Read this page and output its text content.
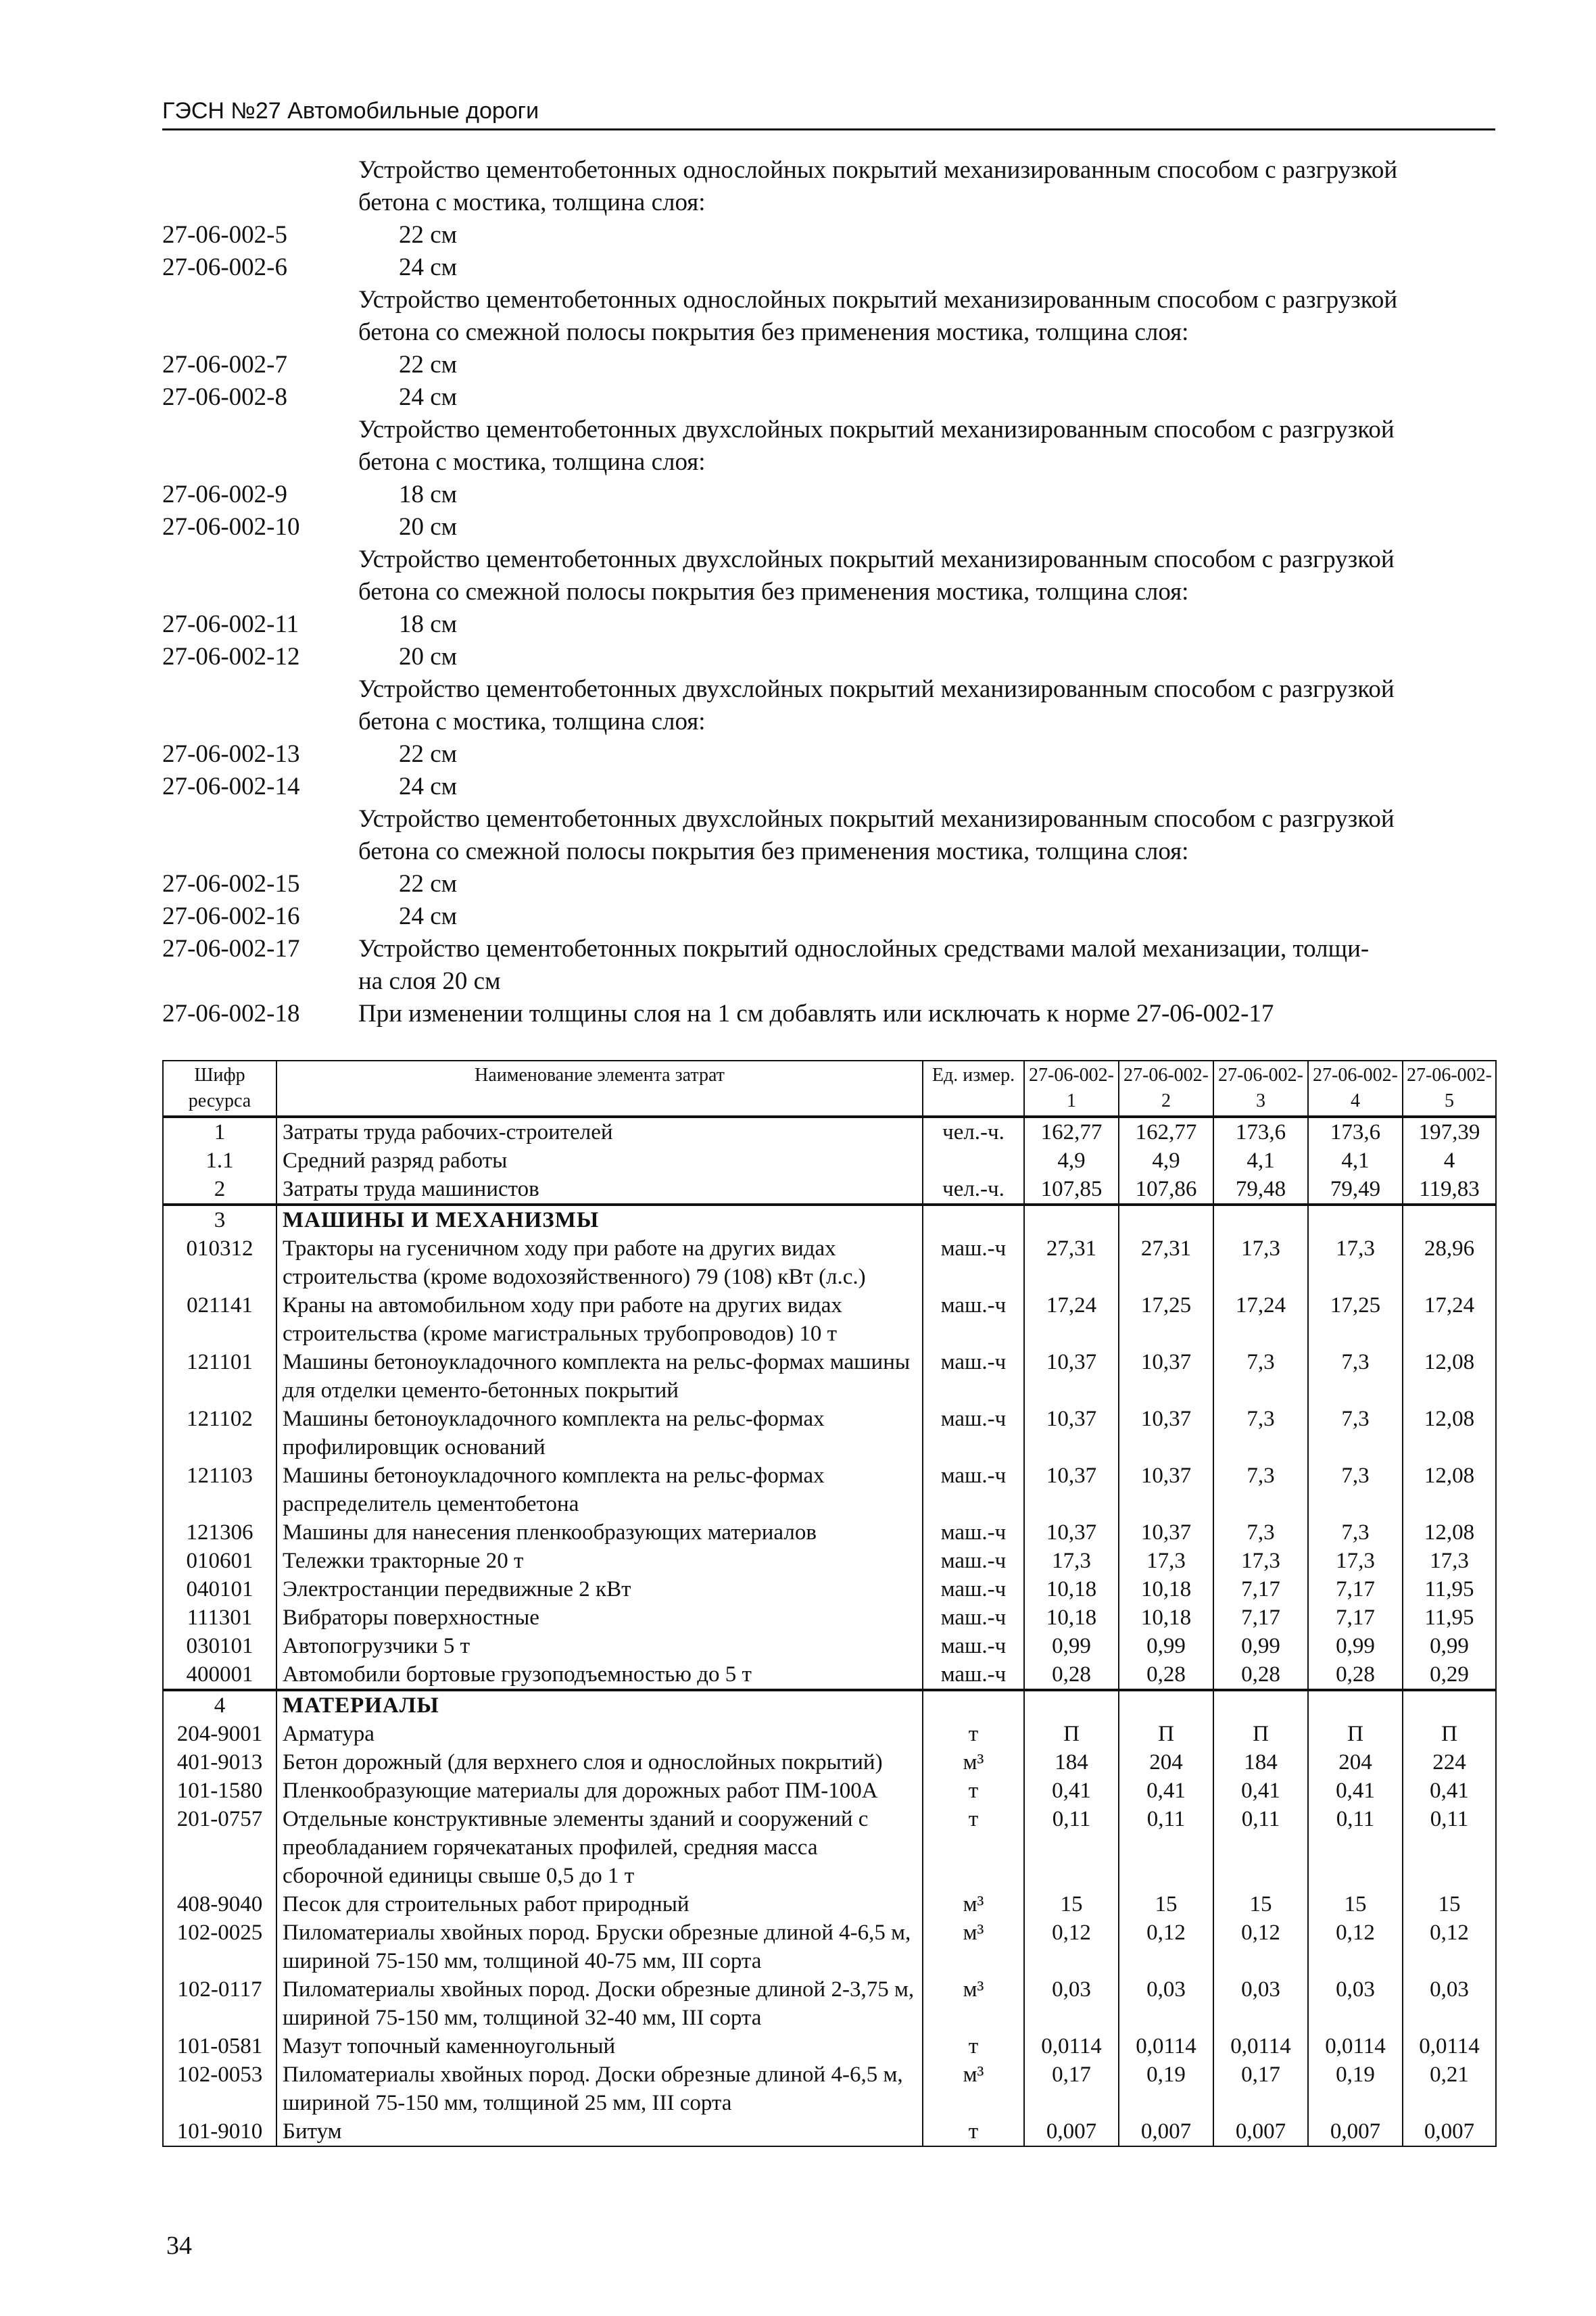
ГЭСН №27 Автомобильные дороги
Устройство цементобетонных однослойных покрытий механизированным способом с разгрузкой
бетона с мостика, толщина слоя:
27-06-002-5	22 см
27-06-002-6	24 см
Устройство цементобетонных однослойных покрытий механизированным способом с разгрузкой
бетона со смежной полосы покрытия без применения мостика, толщина слоя:
27-06-002-7	22 см
27-06-002-8	24 см
Устройство цементобетонных двухслойных покрытий механизированным способом с разгрузкой
бетона с мостика, толщина слоя:
27-06-002-9	18 см
27-06-002-10	20 см
Устройство цементобетонных двухслойных покрытий механизированным способом с разгрузкой
бетона со смежной полосы покрытия без применения мостика, толщина слоя:
27-06-002-11	18 см
27-06-002-12	20 см
Устройство цементобетонных двухслойных покрытий механизированным способом с разгрузкой
бетона с мостика, толщина слоя:
27-06-002-13	22 см
27-06-002-14	24 см
Устройство цементобетонных двухслойных покрытий механизированным способом с разгрузкой
бетона со смежной полосы покрытия без применения мостика, толщина слоя:
27-06-002-15	22 см
27-06-002-16	24 см
27-06-002-17 Устройство цементобетонных покрытий однослойных средствами малой механизации, толщи-
на слоя 20 см
27-06-002-18 При изменении толщины слоя на 1 см добавлять или исключать к норме 27-06-002-17
Шифр ресурса	Наименование элемента затрат	Ед. измер.	27-06-002-1	27-06-002-2	27-06-002-3	27-06-002-4	27-06-002-5
1	Затраты труда рабочих-строителей	чел.-ч.	162,77	162,77	173,6	173,6	197,39
1.1	Средний разряд работы		4,9	4,9	4,1	4,1	4
2	Затраты труда машинистов	чел.-ч.	107,85	107,86	79,48	79,49	119,83
3	МАШИНЫ И МЕХАНИЗМЫ						
010312	Тракторы на гусеничном ходу при работе на других видах строительства (кроме водохозяйственного) 79 (108) кВт (л.с.)	маш.-ч	27,31	27,31	17,3	17,3	28,96
021141	Краны на автомобильном ходу при работе на других видах строительства (кроме магистральных трубопроводов) 10 т	маш.-ч	17,24	17,25	17,24	17,25	17,24
121101	Машины бетоноукладочного комплекта на рельс-формах машины для отделки цементо-бетонных покрытий	маш.-ч	10,37	10,37	7,3	7,3	12,08
121102	Машины бетоноукладочного комплекта на рельс-формах профилировщик оснований	маш.-ч	10,37	10,37	7,3	7,3	12,08
121103	Машины бетоноукладочного комплекта на рельс-формах распределитель цементобетона	маш.-ч	10,37	10,37	7,3	7,3	12,08
121306	Машины для нанесения пленкообразующих материалов	маш.-ч	10,37	10,37	7,3	7,3	12,08
010601	Тележки тракторные 20 т	маш.-ч	17,3	17,3	17,3	17,3	17,3
040101	Электростанции передвижные 2 кВт	маш.-ч	10,18	10,18	7,17	7,17	11,95
111301	Вибраторы поверхностные	маш.-ч	10,18	10,18	7,17	7,17	11,95
030101	Автопогрузчики 5 т	маш.-ч	0,99	0,99	0,99	0,99	0,99
400001	Автомобили бортовые грузоподъемностью до 5 т	маш.-ч	0,28	0,28	0,28	0,28	0,29
4	МАТЕРИАЛЫ						
204-9001	Арматура	т	П	П	П	П	П
401-9013	Бетон дорожный (для верхнего слоя и однослойных покрытий)	м³	184	204	184	204	224
101-1580	Пленкообразующие материалы для дорожных работ ПМ-100А	т	0,41	0,41	0,41	0,41	0,41
201-0757	Отдельные конструктивные элементы зданий и сооружений с преобладанием горячекатаных профилей, средняя масса сборочной единицы свыше 0,5 до 1 т	т	0,11	0,11	0,11	0,11	0,11
408-9040	Песок для строительных работ природный	м³	15	15	15	15	15
102-0025	Пиломатериалы хвойных пород. Бруски обрезные длиной 4-6,5 м, шириной 75-150 мм, толщиной 40-75 мм, III сорта	м³	0,12	0,12	0,12	0,12	0,12
102-0117	Пиломатериалы хвойных пород. Доски обрезные длиной 2-3,75 м, шириной 75-150 мм, толщиной 32-40 мм, III сорта	м³	0,03	0,03	0,03	0,03	0,03
101-0581	Мазут топочный каменноугольный	т	0,0114	0,0114	0,0114	0,0114	0,0114
102-0053	Пиломатериалы хвойных пород. Доски обрезные длиной 4-6,5 м, шириной 75-150 мм, толщиной 25 мм, III сорта	м³	0,17	0,19	0,17	0,19	0,21
101-9010	Битум	т	0,007	0,007	0,007	0,007	0,007
34
